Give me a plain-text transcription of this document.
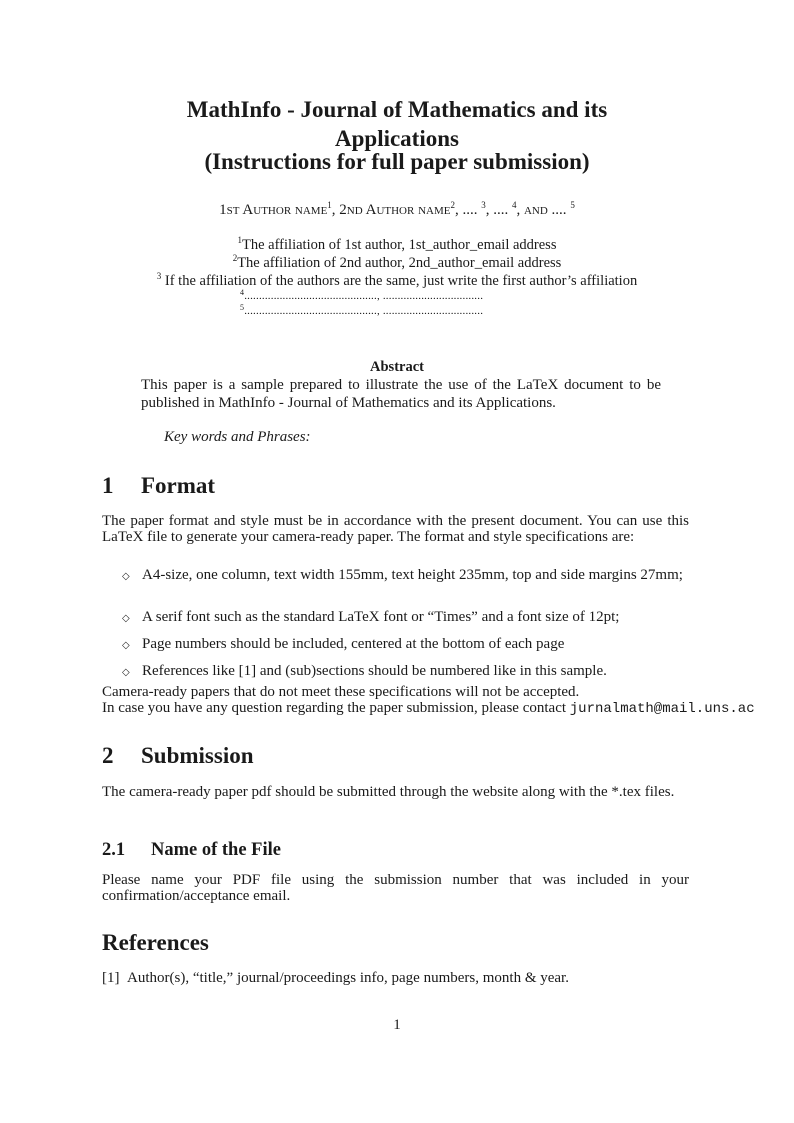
MathInfo - Journal of Mathematics and its
Applications
(Instructions for full paper submission)
1st Author name$^1$, 2nd Author name$^2$, .... $^3$, .... $^4$, and .... $^5$
$^1$The affiliation of 1st author, 1st_author_email address
$^2$The affiliation of 2nd author, 2nd_author_email address
$^3$ If the affiliation of the authors are the same, just write the first author’s affiliation
$^4$............................................., ..................................
$^5$............................................., ..................................
Abstract
This paper is a sample prepared to illustrate the use of the LaTeX document to be published in MathInfo - Journal of Mathematics and its Applications.
Key words and Phrases:
1 Format
The paper format and style must be in accordance with the present document. You can use this LaTeX file to generate your camera-ready paper. The format and style specifications are:
◇ A4-size, one column, text width 155mm, text height 235mm, top and side margins 27mm;
◇ A serif font such as the standard LaTeX font or “Times” and a font size of 12pt;
◇ Page numbers should be included, centered at the bottom of each page
◇ References like [1] and (sub)sections should be numbered like in this sample.
Camera-ready papers that do not meet these specifications will not be accepted.
In case you have any question regarding the paper submission, please contact jurnalmath@mail.uns.ac
2 Submission
The camera-ready paper pdf should be submitted through the website along with the *.tex files.
2.1 Name of the File
Please name your PDF file using the submission number that was included in your confirmation/acceptance email.
References
[1] Author(s), “title,” journal/proceedings info, page numbers, month & year.
1
